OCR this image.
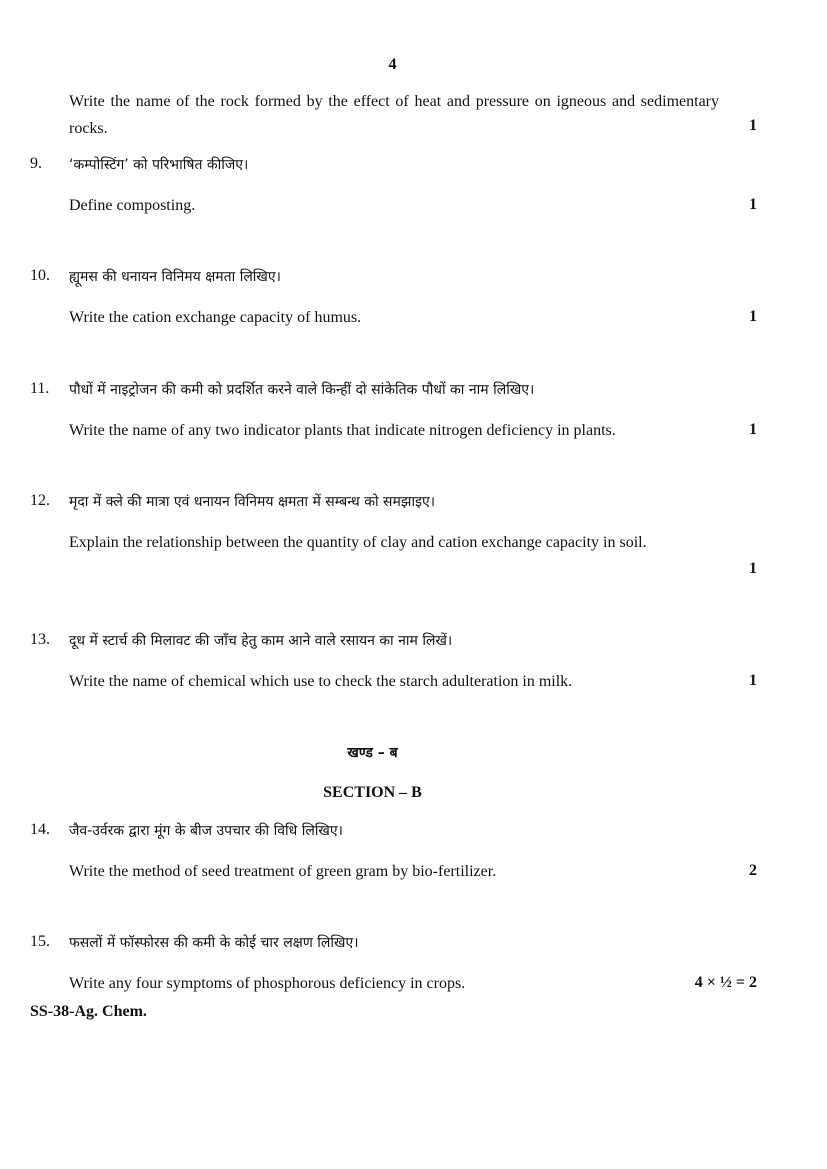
4
Write the name of the rock formed by the effect of heat and pressure on igneous and sedimentary rocks.	1
9. ‘कम्पोस्टिंग’ को परिभाषित कीजिए।
Define composting.	1
10. ह्यूमस की धनायन विनिमय क्षमता लिखिए।
Write the cation exchange capacity of humus.	1
11. पौधों में नाइट्रोजन की कमी को प्रदर्शित करने वाले किन्हीं दो सांकेतिक पौधों का नाम लिखिए।
Write the name of any two indicator plants that indicate nitrogen deficiency in plants.	1
12. मृदा में क्ले की मात्रा एवं धनायन विनिमय क्षमता में सम्बन्ध को समझाइए।
Explain the relationship between the quantity of clay and cation exchange capacity in soil.
1
13. दूध में स्टार्च की मिलावट की जाँच हेतु काम आने वाले रसायन का नाम लिखें।
Write the name of chemical which use to check the starch adulteration in milk.	1
खण्ड – ब
SECTION – B
14. जैव-उर्वरक द्वारा मूंग के बीज उपचार की विधि लिखिए।
Write the method of seed treatment of green gram by bio-fertilizer.	2
15. फसलों में फॉस्फोरस की कमी के कोई चार लक्षण लिखिए।
Write any four symptoms of phosphorous deficiency in crops.	4 × ½ = 2
SS-38-Ag. Chem.
